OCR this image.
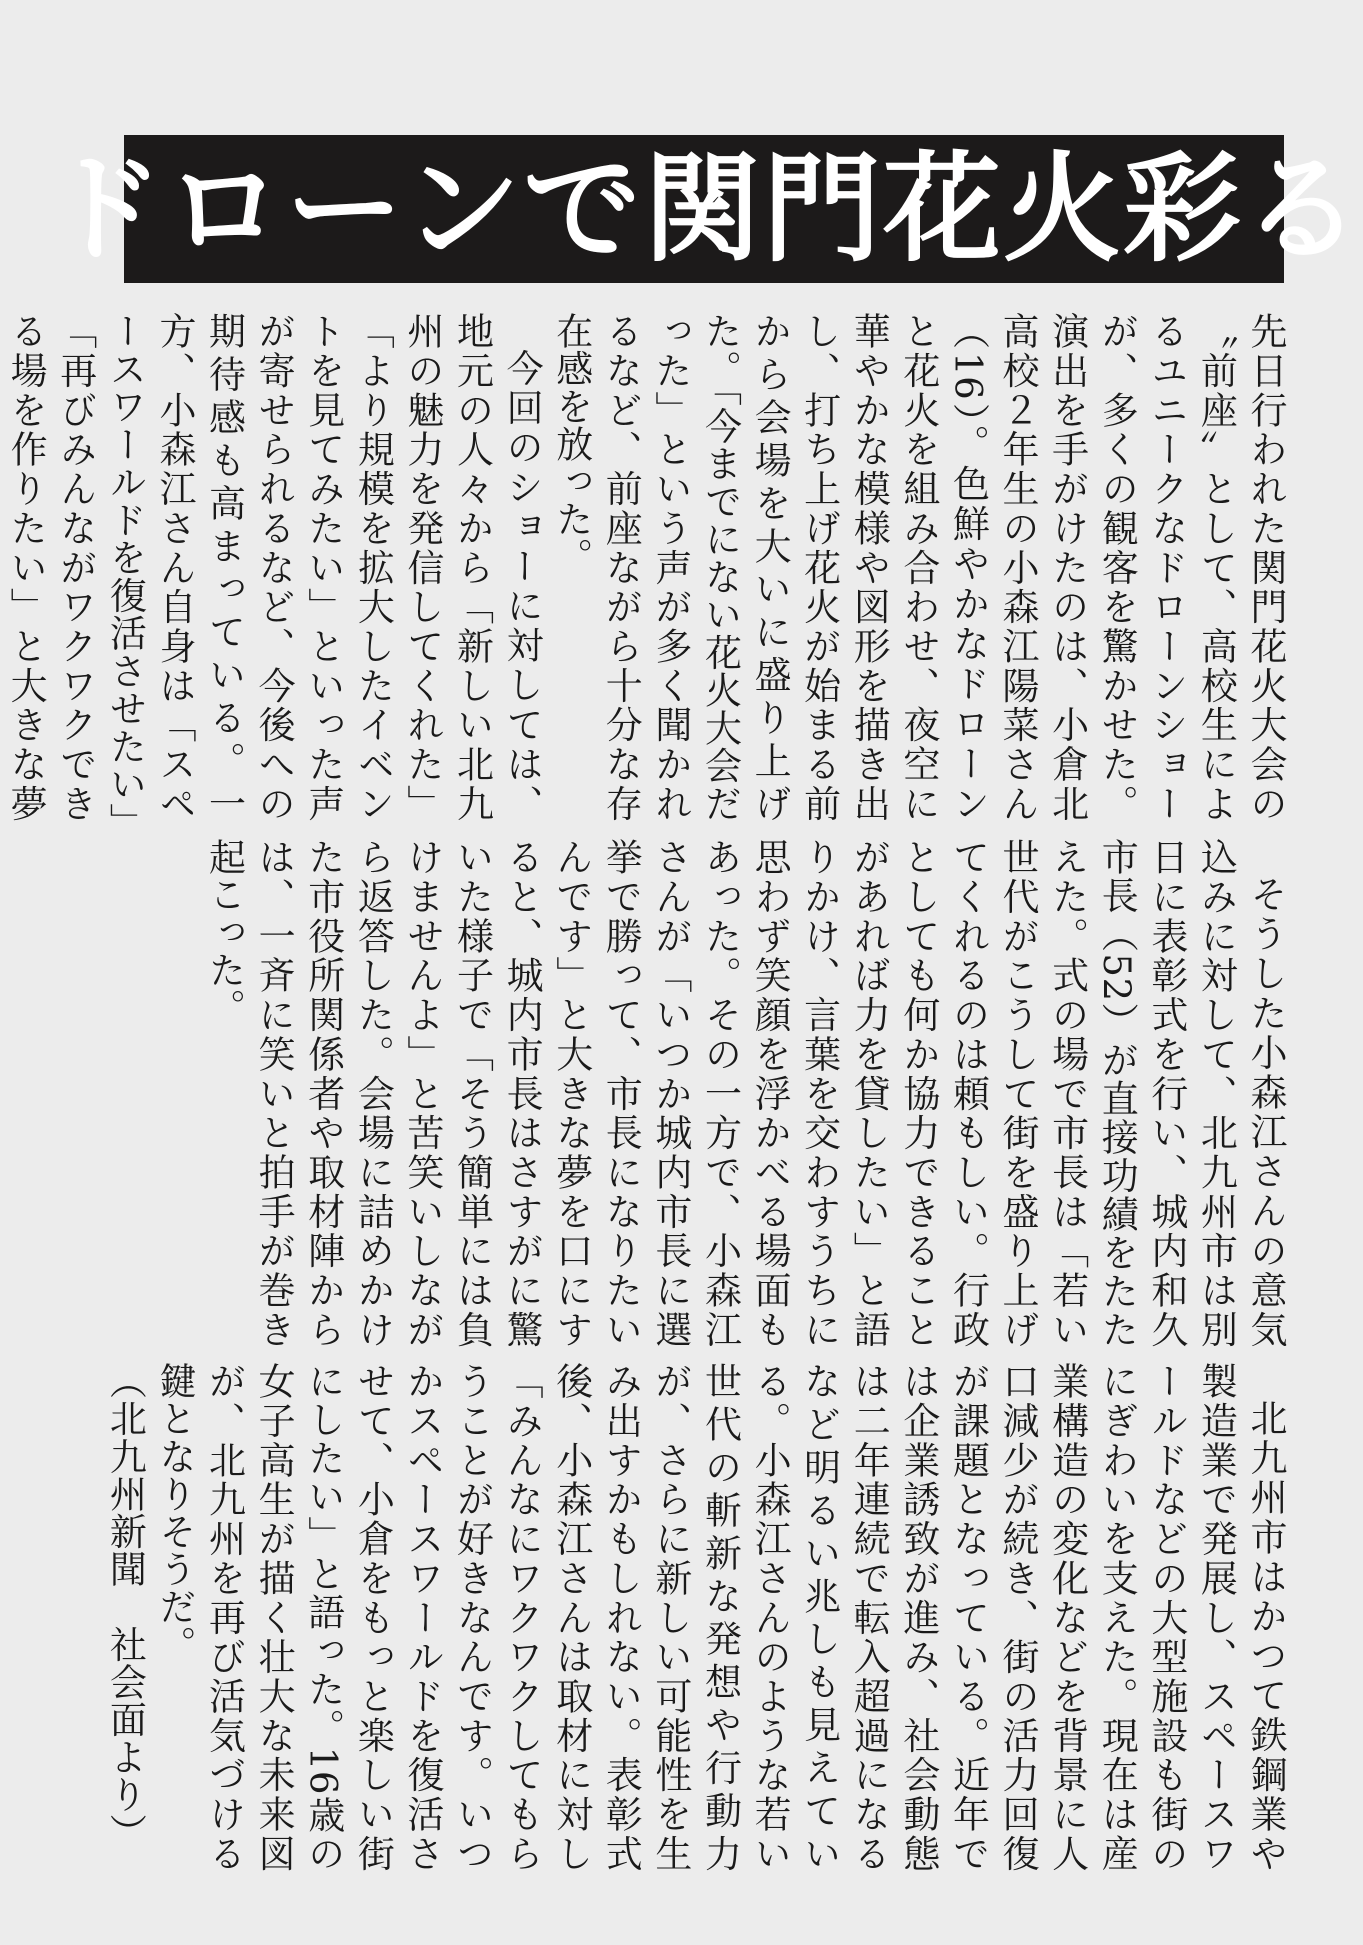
ドローンで関門花火彩る

先日行われた関門花火大会の〝前座〟として、高校生によるユニークなドローンショーが、多くの観客を驚かせた。演出を手がけたのは、小倉北高校２年生の小森江陽菜さん（16）。色鮮やかなドローンと花火を組み合わせ、夜空に華やかな模様や図形を描き出し、打ち上げ花火が始まる前から会場を大いに盛り上げた。「今までにない花火大会だった」という声が多く聞かれるなど、前座ながら十分な存在感を放った。

今回のショーに対しては、地元の人々から「新しい北九州の魅力を発信してくれた」「より規模を拡大したイベントを見てみたい」といった声が寄せられるなど、今後への期待感も高まっている。一方、小森江さん自身は「スペースワールドを復活させたい」「再びみんながワクワクできる場を作りたい」と大きな夢

そうした小森江さんの意気込みに対して、北九州市は別日に表彰式を行い、城内和久市長（52）が直接功績をたたえた。式の場で市長は「若い世代がこうして街を盛り上げてくれるのは頼もしい。行政としても何か協力できることがあれば力を貸したい」と語りかけ、言葉を交わすうちに思わず笑顔を浮かべる場面もあった。その一方で、小森江さんが「いつか城内市長に選挙で勝って、市長になりたいんです」と大きな夢を口にすると、城内市長はさすがに驚いた様子で「そう簡単には負けませんよ」と苦笑いしながら返答した。会場に詰めかけた市役所関係者や取材陣からは、一斉に笑いと拍手が巻き起こった。

北九州市はかつて鉄鋼業や製造業で発展し、スペースワールドなどの大型施設も街のにぎわいを支えた。現在は産業構造の変化などを背景に人口減少が続き、街の活力回復が課題となっている。近年では企業誘致が進み、社会動態は二年連続で転入超過になるなど明るい兆しも見えている。小森江さんのような若い世代の斬新な発想や行動力が、さらに新しい可能性を生み出すかもしれない。表彰式後、小森江さんは取材に対し「みんなにワクワクしてもらうことが好きなんです。いつかスペースワールドを復活させて、小倉をもっと楽しい街にしたい」と語った。16歳の女子高生が描く壮大な未来図が、北九州を再び活気づける鍵となりそうだ。

（北九州新聞　社会面より）
